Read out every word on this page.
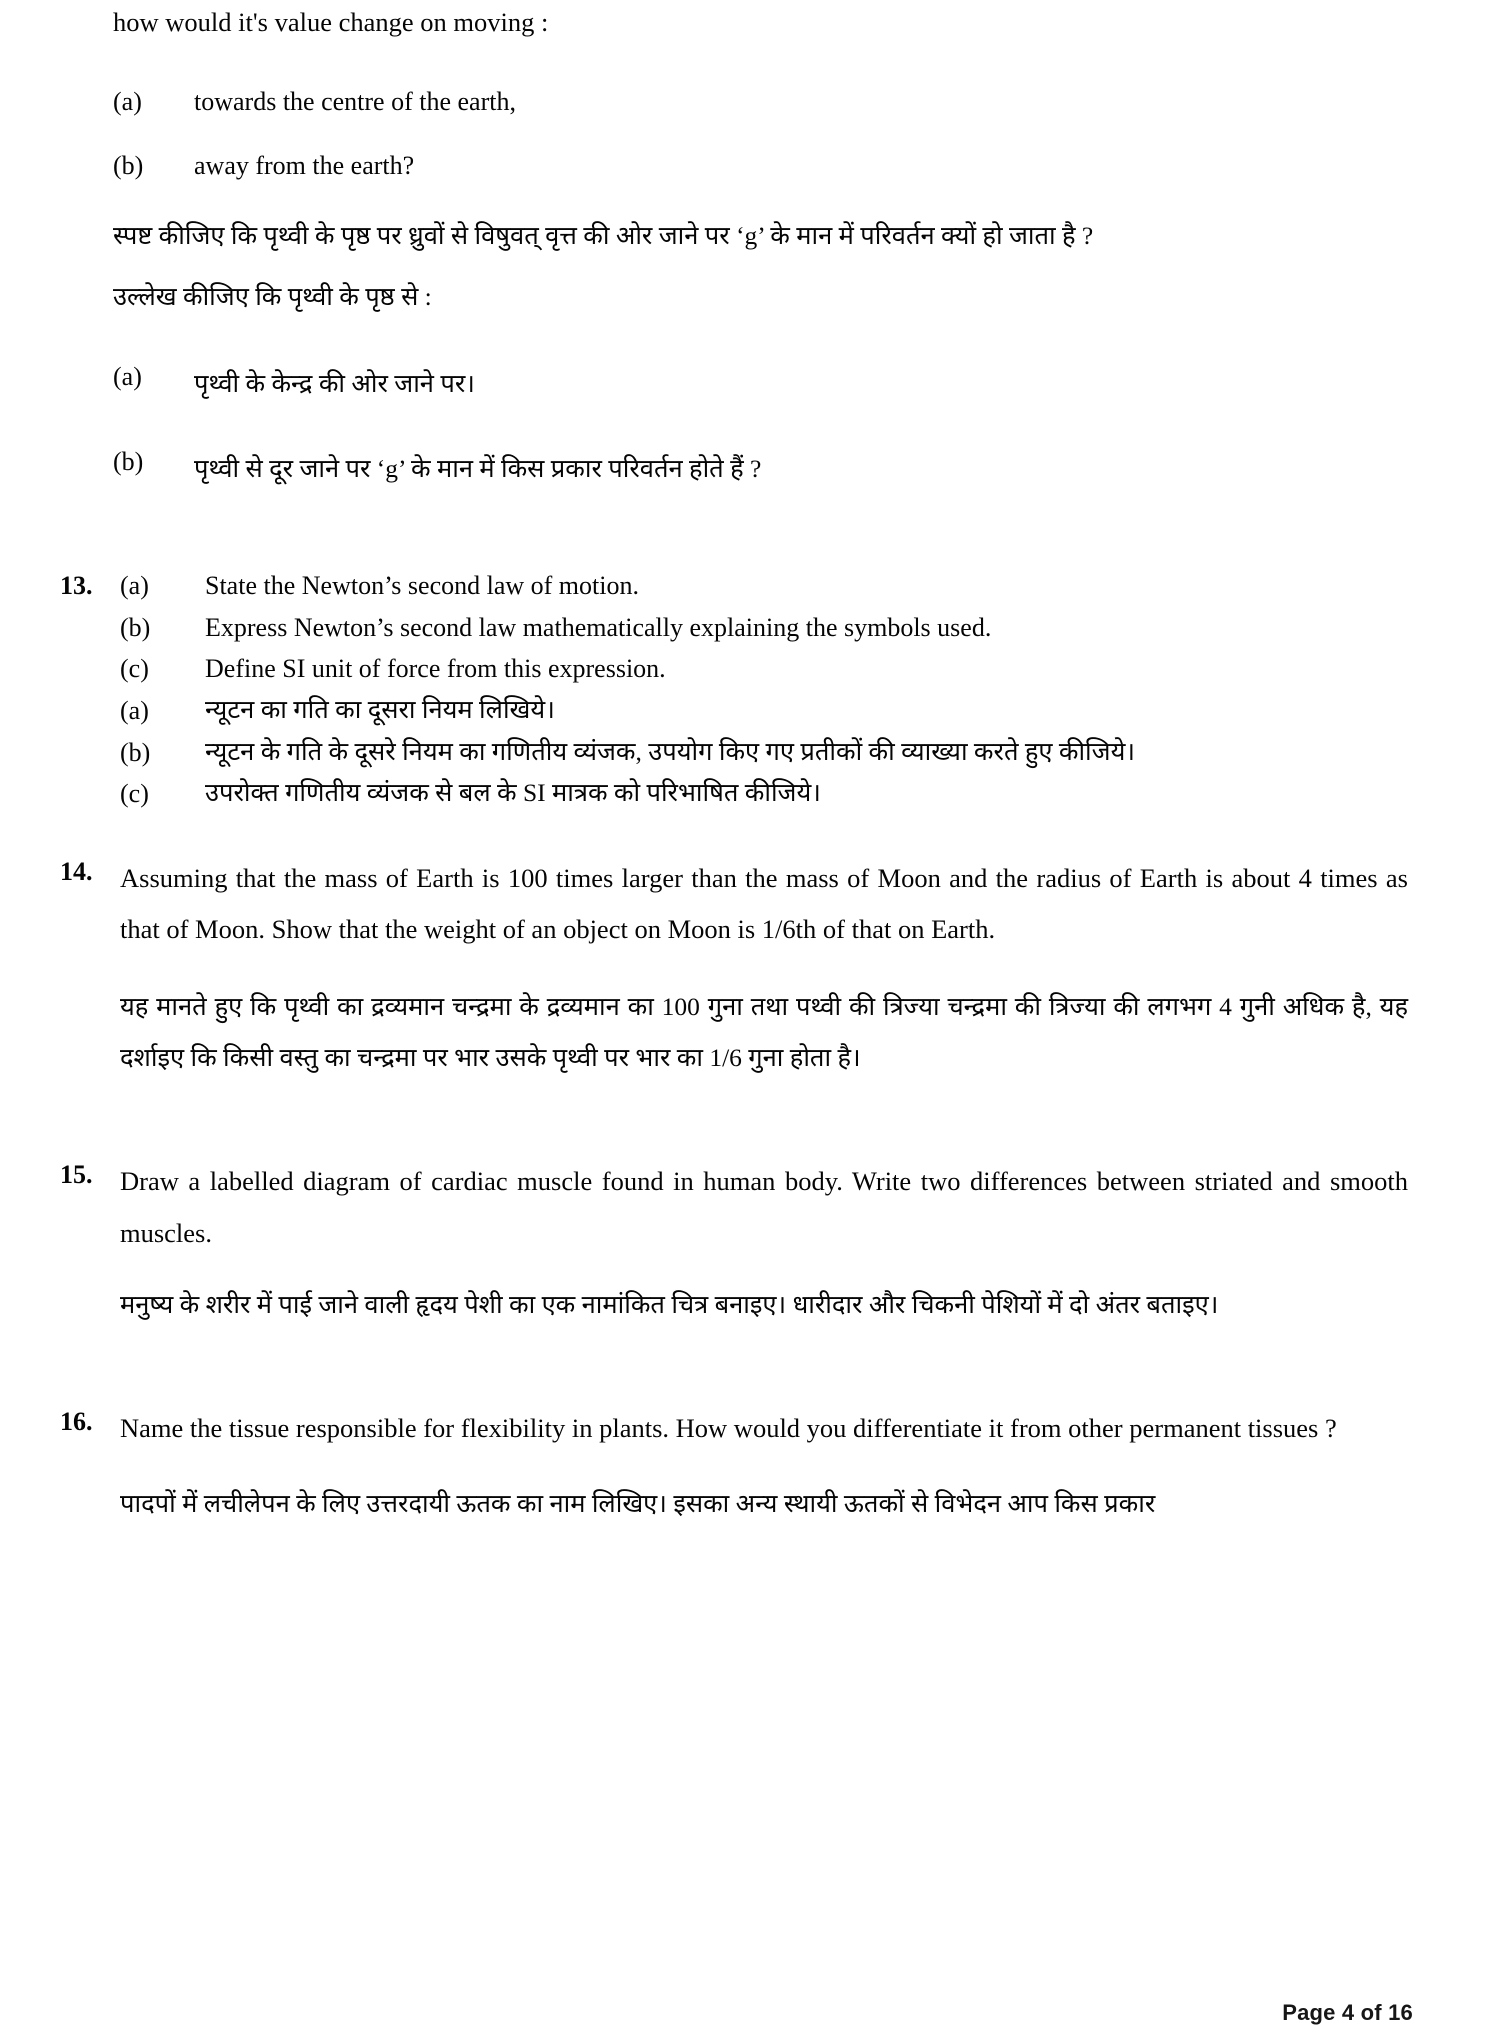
how would it's value change on moving :
(a)	towards the centre of the earth,
(b)	away from the earth?
स्पष्ट कीजिए कि पृथ्वी के पृष्ठ पर ध्रुवों से विषुवत् वृत्त की ओर जाने पर ‘g’ के मान में परिवर्तन क्यों हो जाता है ?
उल्लेख कीजिए कि पृथ्वी के पृष्ठ से :
(a)	पृथ्वी के केन्द्र की ओर जाने पर।
(b)	पृथ्वी से दूर जाने पर ‘g’ के मान में किस प्रकार परिवर्तन होते हैं ?
13.	(a)	State the Newton’s second law of motion.
(b)	Express Newton’s second law mathematically explaining the symbols used.
(c)	Define SI unit of force from this expression.
(a)	न्यूटन का गति का दूसरा नियम लिखिये।
(b)	न्यूटन के गति के दूसरे नियम का गणितीय व्यंजक, उपयोग किए गए प्रतीकों की व्याख्या करते हुए कीजिये।
(c)	उपरोक्त गणितीय व्यंजक से बल के SI मात्रक को परिभाषित कीजिये।
14.	Assuming that the mass of Earth is 100 times larger than the mass of Moon and the radius of Earth is about 4 times as that of Moon. Show that the weight of an object on Moon is 1/6th of that on Earth.
यह मानते हुए कि पृथ्वी का द्रव्यमान चन्द्रमा के द्रव्यमान का 100 गुना तथा पथ्वी की त्रिज्या चन्द्रमा की त्रिज्या की लगभग 4 गुनी अधिक है, यह दर्शाइए कि किसी वस्तु का चन्द्रमा पर भार उसके पृथ्वी पर भार का 1/6 गुना होता है।
15.	Draw a labelled diagram of cardiac muscle found in human body. Write two differences between striated and smooth muscles.
मनुष्य के शरीर में पाई जाने वाली हृदय पेशी का एक नामांकित चित्र बनाइए। धारीदार और चिकनी पेशियों में दो अंतर बताइए।
16.	Name the tissue responsible for flexibility in plants. How would you differentiate it from other permanent tissues ?
पादपों में लचीलेपन के लिए उत्तरदायी ऊतक का नाम लिखिए। इसका अन्य स्थायी ऊतकों से विभेदन आप किस प्रकार
Page 4 of 16
